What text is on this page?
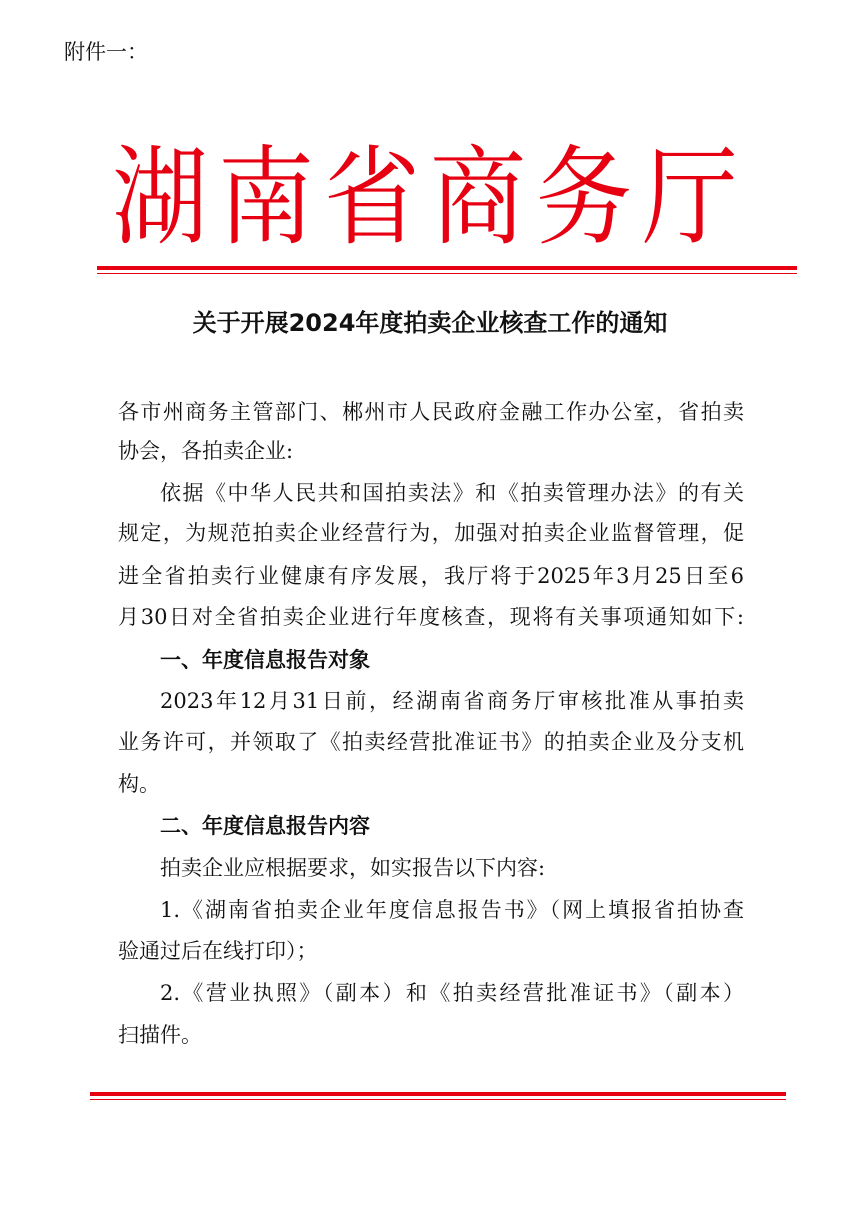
附件一：
湖南省商务厅
关于开展2024年度拍卖企业核查工作的通知
各市州商务主管部门、郴州市人民政府金融工作办公室，省拍卖
协会，各拍卖企业:
依据《中华人民共和国拍卖法》和《拍卖管理办法》的有关
规定，为规范拍卖企业经营行为，加强对拍卖企业监督管理，促
进全省拍卖行业健康有序发展，我厅将于2025年3月25日至6
月30日对全省拍卖企业进行年度核查，现将有关事项通知如下:
一、年度信息报告对象
2023年12月31日前，经湖南省商务厅审核批准从事拍卖
业务许可，并领取了《拍卖经营批准证书》的拍卖企业及分支机
构。
二、年度信息报告内容
拍卖企业应根据要求，如实报告以下内容:
1.《湖南省拍卖企业年度信息报告书》（网上填报省拍协查
验通过后在线打印）；
2.《营业执照》（副本）和《拍卖经营批准证书》（副本）
扫描件。
